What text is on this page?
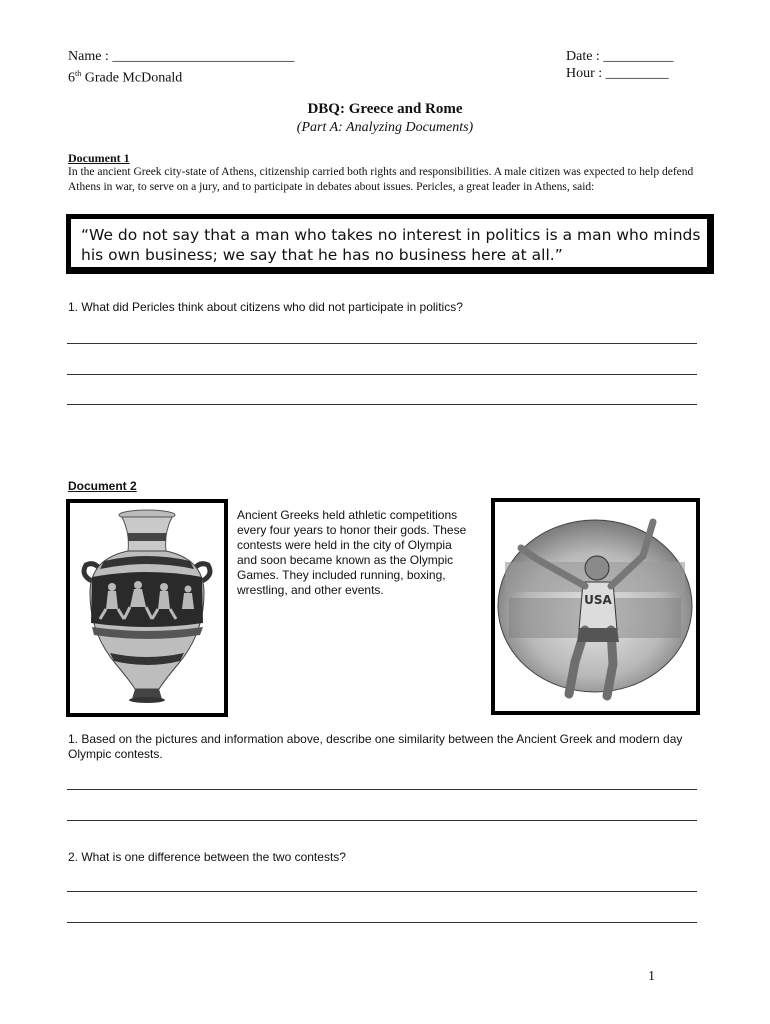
Name : __________________________
6th Grade McDonald
Date : __________
Hour : _________
DBQ: Greece and Rome
(Part A: Analyzing Documents)
Document 1
In the ancient Greek city-state of Athens, citizenship carried both rights and responsibilities. A male citizen was expected to help defend Athens in war, to serve on a jury, and to participate in debates about issues. Pericles, a great leader in Athens, said:
“We do not say that a man who takes no interest in politics is a man who minds his own business; we say that he has no business here at all.”
1. What did Pericles think about citizens who did not participate in politics?
Document 2
Ancient Greeks held athletic competitions every four years to honor their gods. These contests were held in the city of Olympia and soon became known as the Olympic Games. They included running, boxing, wrestling, and other events.
USA
1. Based on the pictures and information above, describe one similarity between the Ancient Greek and modern day Olympic contests.
2. What is one difference between the two contests?
1
